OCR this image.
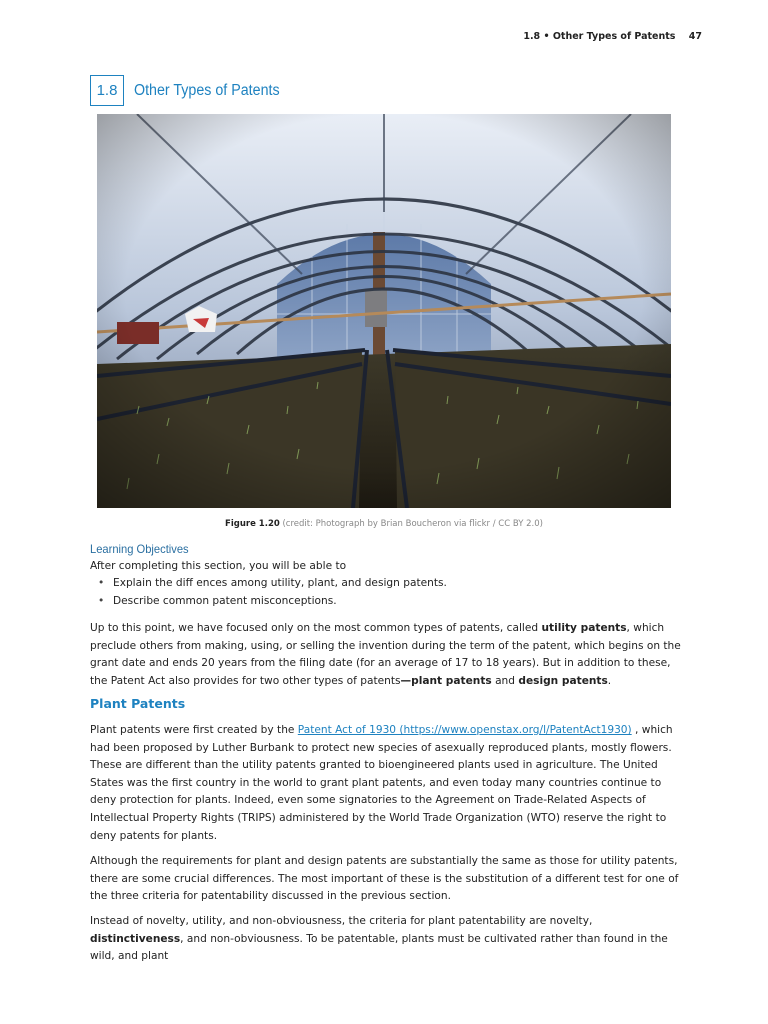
1.8 • Other Types of Patents 47
1.8	Other Types of Patents
Figure 1.20 (credit: Photograph by Brian Boucheron via flickr / CC BY 2.0)
Learning Objectives
After completing this section, you will be able to
• Explain the diff ences among utility, plant, and design patents.
• Describe common patent misconceptions.

Up to this point, we have focused only on the most common types of patents, called utility patents, which preclude others from making, using, or selling the invention during the term of the patent, which begins on the grant date and ends 20 years from the filing date (for an average of 17 to 18 years). But in addition to these, the Patent Act also provides for two other types of patents—plant patents and design patents.

Plant Patents

Plant patents were first created by the Patent Act of 1930 (https://www.openstax.org/l/PatentAct1930) , which had been proposed by Luther Burbank to protect new species of asexually reproduced plants, mostly flowers. These are different than the utility patents granted to bioengineered plants used in agriculture. The United States was the first country in the world to grant plant patents, and even today many countries continue to deny protection for plants. Indeed, even some signatories to the Agreement on Trade-Related Aspects of Intellectual Property Rights (TRIPS) administered by the World Trade Organization (WTO) reserve the right to deny patents for plants.

Although the requirements for plant and design patents are substantially the same as those for utility patents, there are some crucial differences. The most important of these is the substitution of a different test for one of the three criteria for patentability discussed in the previous section.

Instead of novelty, utility, and non-obviousness, the criteria for plant patentability are novelty, distinctiveness, and non-obviousness. To be patentable, plants must be cultivated rather than found in the wild, and plant
